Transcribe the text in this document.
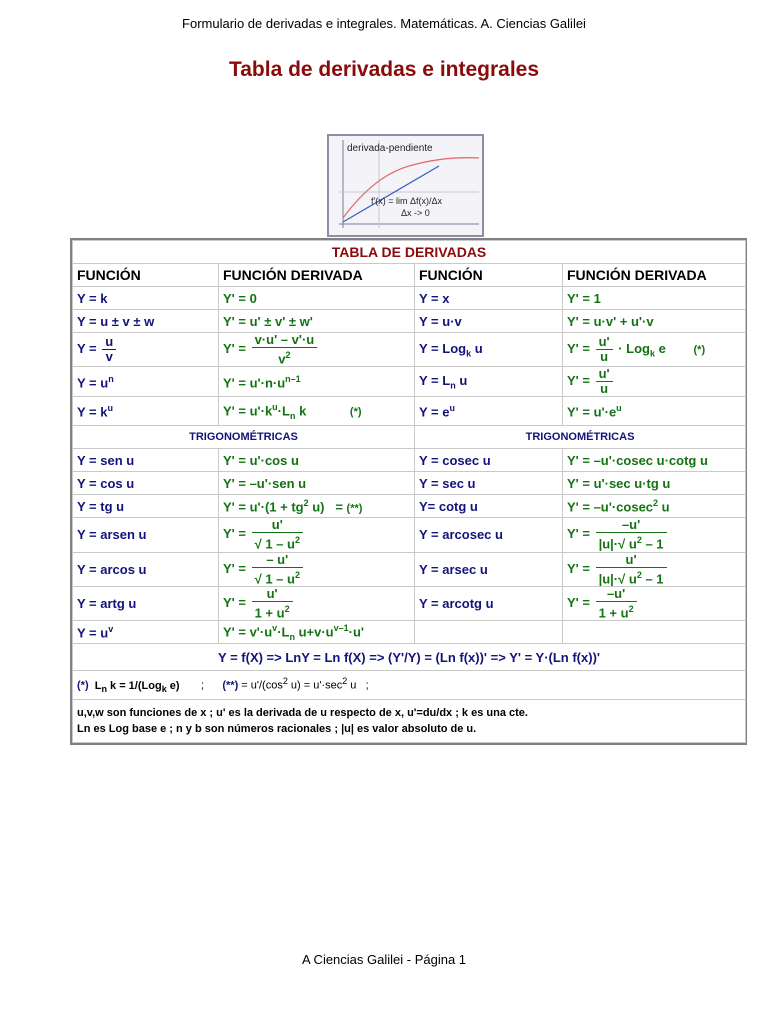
Formulario de derivadas e integrales. Matemáticas. A. Ciencias Galilei
Tabla de derivadas e integrales
derivada-pendiente
f'(x) = lim Δf(x)/Δx
Δx -> 0
TABLA DE DERIVADAS			
FUNCIÓN	FUNCIÓN DERIVADA	FUNCIÓN	FUNCIÓN DERIVADA
Y = k	Y' = 0	Y = x	Y' = 1
Y = u ± v ± w	Y' = u' ± v' ± w'	Y = u·v	Y' = u·v' + u'·v
$Y = \frac{u}{v}$	$Y' = \frac{v\cdot u' - v'\cdot u}{v^2}$	Y = Log$_k$ u	$Y' = \frac{u'}{u} \cdot Log_k$ e (*)
$Y = u^n$	$Y' = u'\cdot n\cdot u^{n-1}$	$Y = L_n$ u	$Y' = \frac{u'}{u}$

$Y = k^u$	$Y' = u'\cdot k^u\cdot L_n$ k (*)	$Y = e^u$	$Y' = u'\cdot e^u$
TRIGONOMÉTRICAS		TRIGONOMÉTRICAS	
Y = sen u	Y' = u'·cos u	Y = cosec u	Y' = –u'·cosec u·cotg u
Y = cos u	Y' = –u'·sen u	Y = sec u	Y' = u'·sec u·tg u
Y = tg u	$Y' = u'\cdot(1 + tg^2$ u)   = (**)	Y= cotg u	Y' = –u'·cosec$^2$ u
Y = arsen u	$Y' = \frac{u'}{√ 1 - u^2}$	Y = arcosec u	$Y' = \frac{-u'}{|u|\cdot√ u^2 - 1}$

Y = arcos u	$Y' = \frac{- u'}{√ 1 - u^2}$	Y = arsec u	$Y' = \frac{u'}{|u|\cdot√ u^2 - 1}$

Y = artg u	$Y' = \frac{u'}{1 + u^2}$	Y = arcotg u	$Y' = \frac{-u'}{1 + u^2}$

$Y = u^v$	$Y' = v'\cdot u^v\cdot L_n$ $u+v\cdot u^{v-1}\cdot u'$		
Y = f(X) => LnY = Ln f(X) => (Y'/Y) = (Ln f(x))' => Y' = Y·(Ln f(x))'			
(*) $L_n$ k = 1/(Log$_k$ e)       ;      (**) = $u'/(\cos^2$ $u) = u'\cdot\sec^2$ u   ;			
u,v,w son funciones de x ; u' es la derivada de u respecto de x, u'=du/dx ; k es una cte.
Ln es Log base e ; n y b son números racionales ; |u| es valor absoluto de u.			
A Ciencias Galilei - Página 1
